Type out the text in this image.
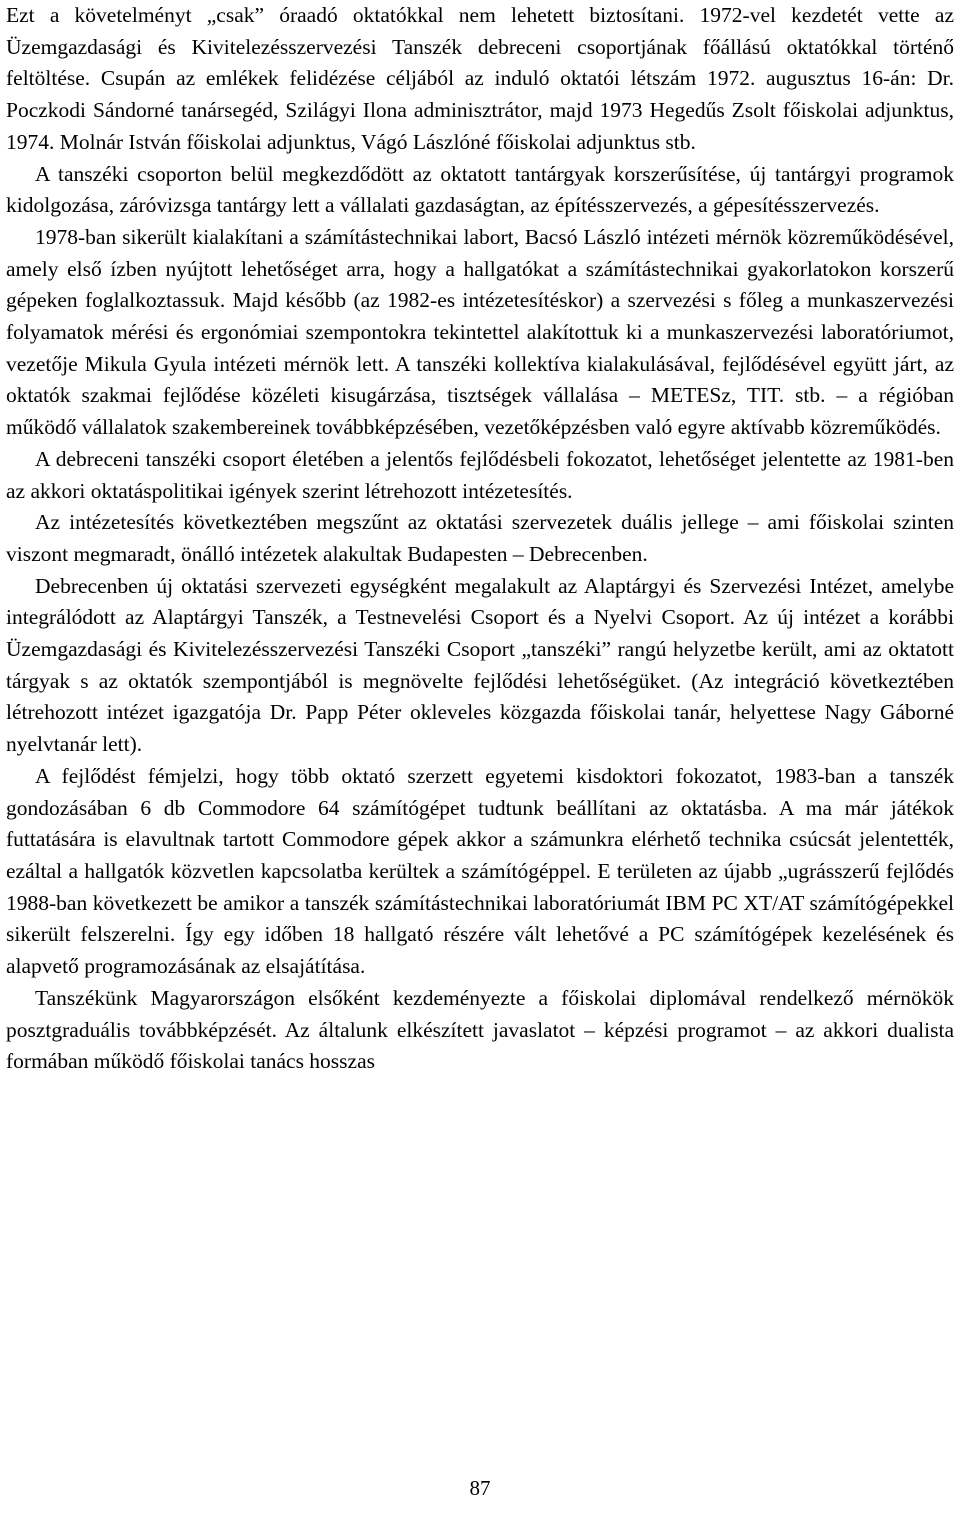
Ezt a követelményt „csak” óraadó oktatókkal nem lehetett biztosítani. 1972-vel kezdetét vette az Üzemgazdasági és Kivitelezésszervezési Tanszék debreceni csoportjának főállású oktatókkal történő feltöltése. Csupán az emlékek felidézése céljából az induló oktatói létszám 1972. augusztus 16-án: Dr. Poczkodi Sándorné tanársegéd, Szilágyi Ilona adminisztrátor, majd 1973 Hegedűs Zsolt főiskolai adjunktus, 1974. Molnár István főiskolai adjunktus, Vágó Lászlóné főiskolai adjunktus stb.

A tanszéki csoporton belül megkezdődött az oktatott tantárgyak korszerűsítése, új tantárgyi programok kidolgozása, záróvizsga tantárgy lett a vállalati gazdaságtan, az építésszervezés, a gépesítésszervezés.

1978-ban sikerült kialakítani a számítástechnikai labort, Bacsó László intézeti mérnök közreműködésével, amely első ízben nyújtott lehetőséget arra, hogy a hallgatókat a számítástechnikai gyakorlatokon korszerű gépeken foglalkoztassuk. Majd később (az 1982-es intézetesítéskor) a szervezési s főleg a munkaszervezési folyamatok mérési és ergonómiai szempontokra tekintettel alakítottuk ki a munkaszervezési laboratóriumot, vezetője Mikula Gyula intézeti mérnök lett. A tanszéki kollektíva kialakulásával, fejlődésével együtt járt, az oktatók szakmai fejlődése közéleti kisugárzása, tisztségek vállalása – METESz, TIT. stb. – a régióban működő vállalatok szakembereinek továbbképzésében, vezetőképzésben való egyre aktívabb közreműködés.

A debreceni tanszéki csoport életében a jelentős fejlődésbeli fokozatot, lehetőséget jelentette az 1981-ben az akkori oktatáspolitikai igények szerint létrehozott intézetesítés.

Az intézetesítés következtében megszűnt az oktatási szervezetek duális jellege – ami főiskolai szinten viszont megmaradt, önálló intézetek alakultak Budapesten – Debrecenben.

Debrecenben új oktatási szervezeti egységként megalakult az Alaptárgyi és Szervezési Intézet, amelybe integrálódott az Alaptárgyi Tanszék, a Testnevelési Csoport és a Nyelvi Csoport. Az új intézet a korábbi Üzemgazdasági és Kivitelezésszervezési Tanszéki Csoport „tanszéki” rangú helyzetbe került, ami az oktatott tárgyak s az oktatók szempontjából is megnövelte fejlődési lehetőségüket. (Az integráció következtében létrehozott intézet igazgatója Dr. Papp Péter okleveles közgazda főiskolai tanár, helyettese Nagy Gáborné nyelvtanár lett).

A fejlődést fémjelzi, hogy több oktató szerzett egyetemi kisdoktori fokozatot, 1983-ban a tanszék gondozásában 6 db Commodore 64 számítógépet tudtunk beállítani az oktatásba. A ma már játékok futtatására is elavultnak tartott Commodore gépek akkor a számunkra elérhető technika csúcsát jelentették, ezáltal a hallgatók közvetlen kapcsolatba kerültek a számítógéppel. E területen az újabb „ugrásszerű fejlődés 1988-ban következett be amikor a tanszék számítástechnikai laboratóriumát IBM PC XT/AT számítógépekkel sikerült felszerelni. Így egy időben 18 hallgató részére vált lehetővé a PC számítógépek kezelésének és alapvető programozásának az elsajátítása.

Tanszékünk Magyarországon elsőként kezdeményezte a főiskolai diplomával rendelkező mérnökök posztgraduális továbbképzését. Az általunk elkészített javaslatot – képzési programot – az akkori dualista formában működő főiskolai tanács hosszas

87
